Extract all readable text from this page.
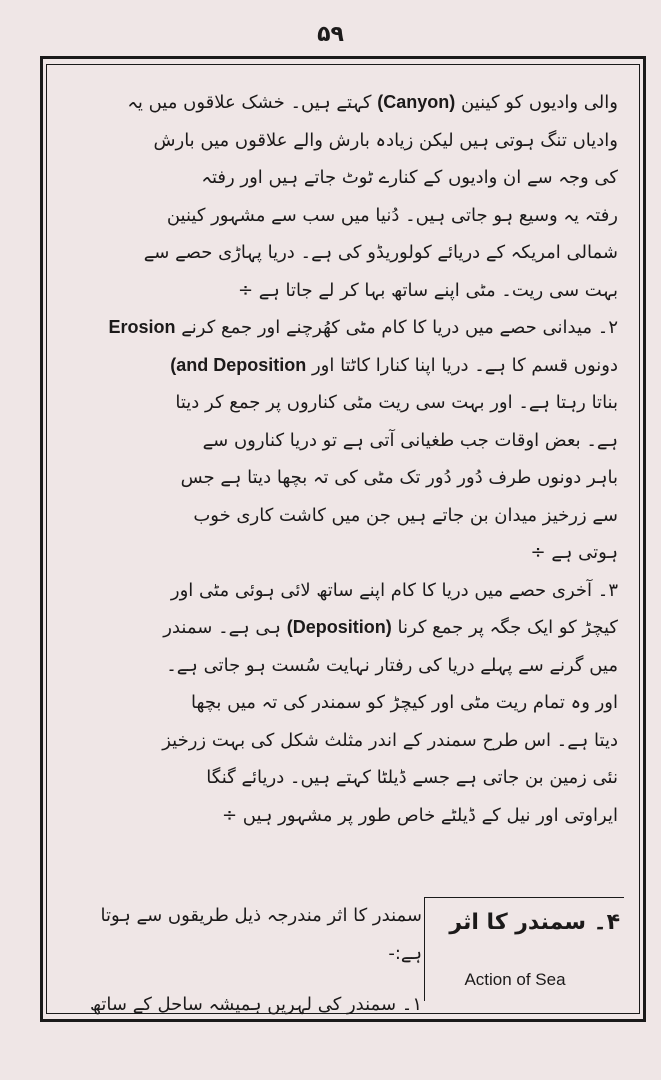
۵۹
والی وادیوں کو کینین (Canyon) کہتے ہیں۔ خشک علاقوں میں یہ
وادیاں تنگ ہوتی ہیں لیکن زیادہ بارش والے علاقوں میں بارش
کی وجہ سے ان وادیوں کے کنارے ٹوٹ جاتے ہیں اور رفتہ
رفتہ یہ وسیع ہو جاتی ہیں۔ دُنیا میں سب سے مشہور کینین
شمالی امریکہ کے دریائے کولوریڈو کی ہے۔ دریا پہاڑی حصے سے
بہت سی ریت۔ مٹی اپنے ساتھ بہا کر لے جاتا ہے ÷
۲۔ میدانی حصے میں دریا کا کام مٹی کھُرچنے اور جمع کرنے Erosion
دونوں قسم کا ہے۔ دریا اپنا کنارا کاٹتا اور (and Deposition
بناتا رہتا ہے۔ اور بہت سی ریت مٹی کناروں پر جمع کر دیتا
ہے۔ بعض اوقات جب طغیانی آتی ہے تو دریا کناروں سے
باہر دونوں طرف دُور دُور تک مٹی کی تہ بچھا دیتا ہے جس
سے زرخیز میدان بن جاتے ہیں جن میں کاشت کاری خوب
ہوتی ہے ÷
۳۔ آخری حصے میں دریا کا کام اپنے ساتھ لائی ہوئی مٹی اور
کیچڑ کو ایک جگہ پر جمع کرنا (Deposition) ہی ہے۔ سمندر
میں گرنے سے پہلے دریا کی رفتار نہایت سُست ہو جاتی ہے۔
اور وہ تمام ریت مٹی اور کیچڑ کو سمندر کی تہ میں بچھا
دیتا ہے۔ اس طرح سمندر کے اندر مثلث شکل کی بہت زرخیز
نئی زمین بن جاتی ہے جسے ڈیلٹا کہتے ہیں۔ دریائے گنگا
ایراوتی اور نیل کے ڈیلٹے خاص طور پر مشہور ہیں ÷
۴۔ سمندر کا اثر
Action of Sea
سمندر کا اثر مندرجہ ذیل طریقوں سے ہوتا
ہے:-
۱۔ سمندر کی لہریں ہمیشہ ساحل کے ساتھ
